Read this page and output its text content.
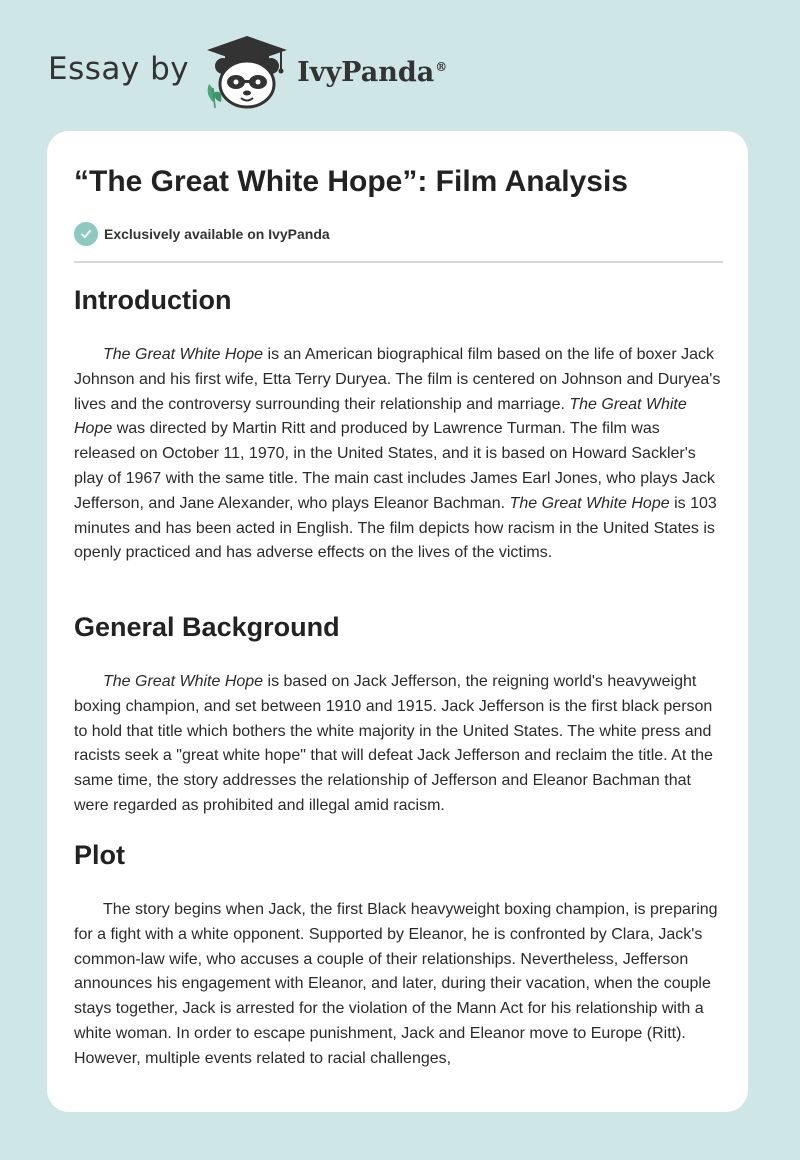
Essay by	IvyPanda®
“The Great White Hope”: Film Analysis
Exclusively available on IvyPanda
Introduction

The Great White Hope is an American biographical film based on the life of boxer Jack Johnson and his first wife, Etta Terry Duryea. The film is centered on Johnson and Duryea's lives and the controversy surrounding their relationship and marriage. The Great White Hope was directed by Martin Ritt and produced by Lawrence Turman. The film was released on October 11, 1970, in the United States, and it is based on Howard Sackler's play of 1967 with the same title. The main cast includes James Earl Jones, who plays Jack Jefferson, and Jane Alexander, who plays Eleanor Bachman. The Great White Hope is 103 minutes and has been acted in English. The film depicts how racism in the United States is openly practiced and has adverse effects on the lives of the victims.

General Background

The Great White Hope is based on Jack Jefferson, the reigning world's heavyweight boxing champion, and set between 1910 and 1915. Jack Jefferson is the first black person to hold that title which bothers the white majority in the United States. The white press and racists seek a "great white hope" that will defeat Jack Jefferson and reclaim the title. At the same time, the story addresses the relationship of Jefferson and Eleanor Bachman that were regarded as prohibited and illegal amid racism.

Plot

The story begins when Jack, the first Black heavyweight boxing champion, is preparing for a fight with a white opponent. Supported by Eleanor, he is confronted by Clara, Jack's common-law wife, who accuses a couple of their relationships. Nevertheless, Jefferson announces his engagement with Eleanor, and later, during their vacation, when the couple stays together, Jack is arrested for the violation of the Mann Act for his relationship with a white woman. In order to escape punishment, Jack and Eleanor move to Europe (Ritt). However, multiple events related to racial challenges,
